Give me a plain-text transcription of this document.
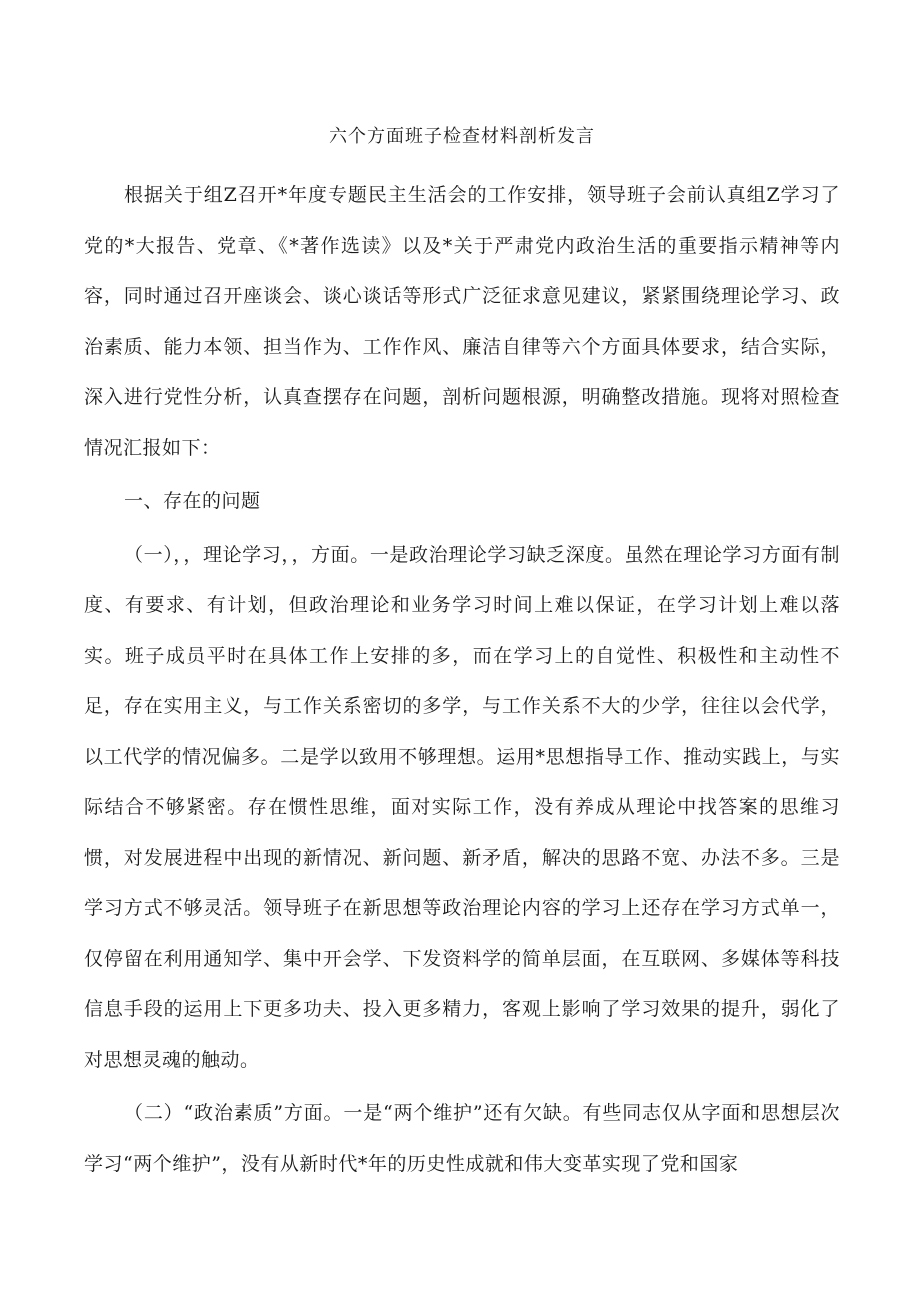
六个方面班子检查材料剖析发言

根据关于组Z召开*年度专题民主生活会的工作安排，领导班子会前认真组Z学习了党的*大报告、党章、《*著作选读》以及*关于严肃党内政治生活的重要指示精神等内容，同时通过召开座谈会、谈心谈话等形式广泛征求意见建议，紧紧围绕理论学习、政治素质、能力本领、担当作为、工作作风、廉洁自律等六个方面具体要求，结合实际，深入进行党性分析，认真查摆存在问题，剖析问题根源，明确整改措施。现将对照检查情况汇报如下：

一、存在的问题

（一），，理论学习，，方面。一是政治理论学习缺乏深度。虽然在理论学习方面有制度、有要求、有计划，但政治理论和业务学习时间上难以保证，在学习计划上难以落实。班子成员平时在具体工作上安排的多，而在学习上的自觉性、积极性和主动性不足，存在实用主义，与工作关系密切的多学，与工作关系不大的少学，往往以会代学，以工代学的情况偏多。二是学以致用不够理想。运用*思想指导工作、推动实践上，与实际结合不够紧密。存在惯性思维，面对实际工作，没有养成从理论中找答案的思维习惯，对发展进程中出现的新情况、新问题、新矛盾，解决的思路不宽、办法不多。三是学习方式不够灵活。领导班子在新思想等政治理论内容的学习上还存在学习方式单一，仅停留在利用通知学、集中开会学、下发资料学的简单层面，在互联网、多媒体等科技信息手段的运用上下更多功夫、投入更多精力，客观上影响了学习效果的提升，弱化了对思想灵魂的触动。

（二）“政治素质”方面。一是“两个维护”还有欠缺。有些同志仅从字面和思想层次学习“两个维护”，没有从新时代*年的历史性成就和伟大变革实现了党和国家
